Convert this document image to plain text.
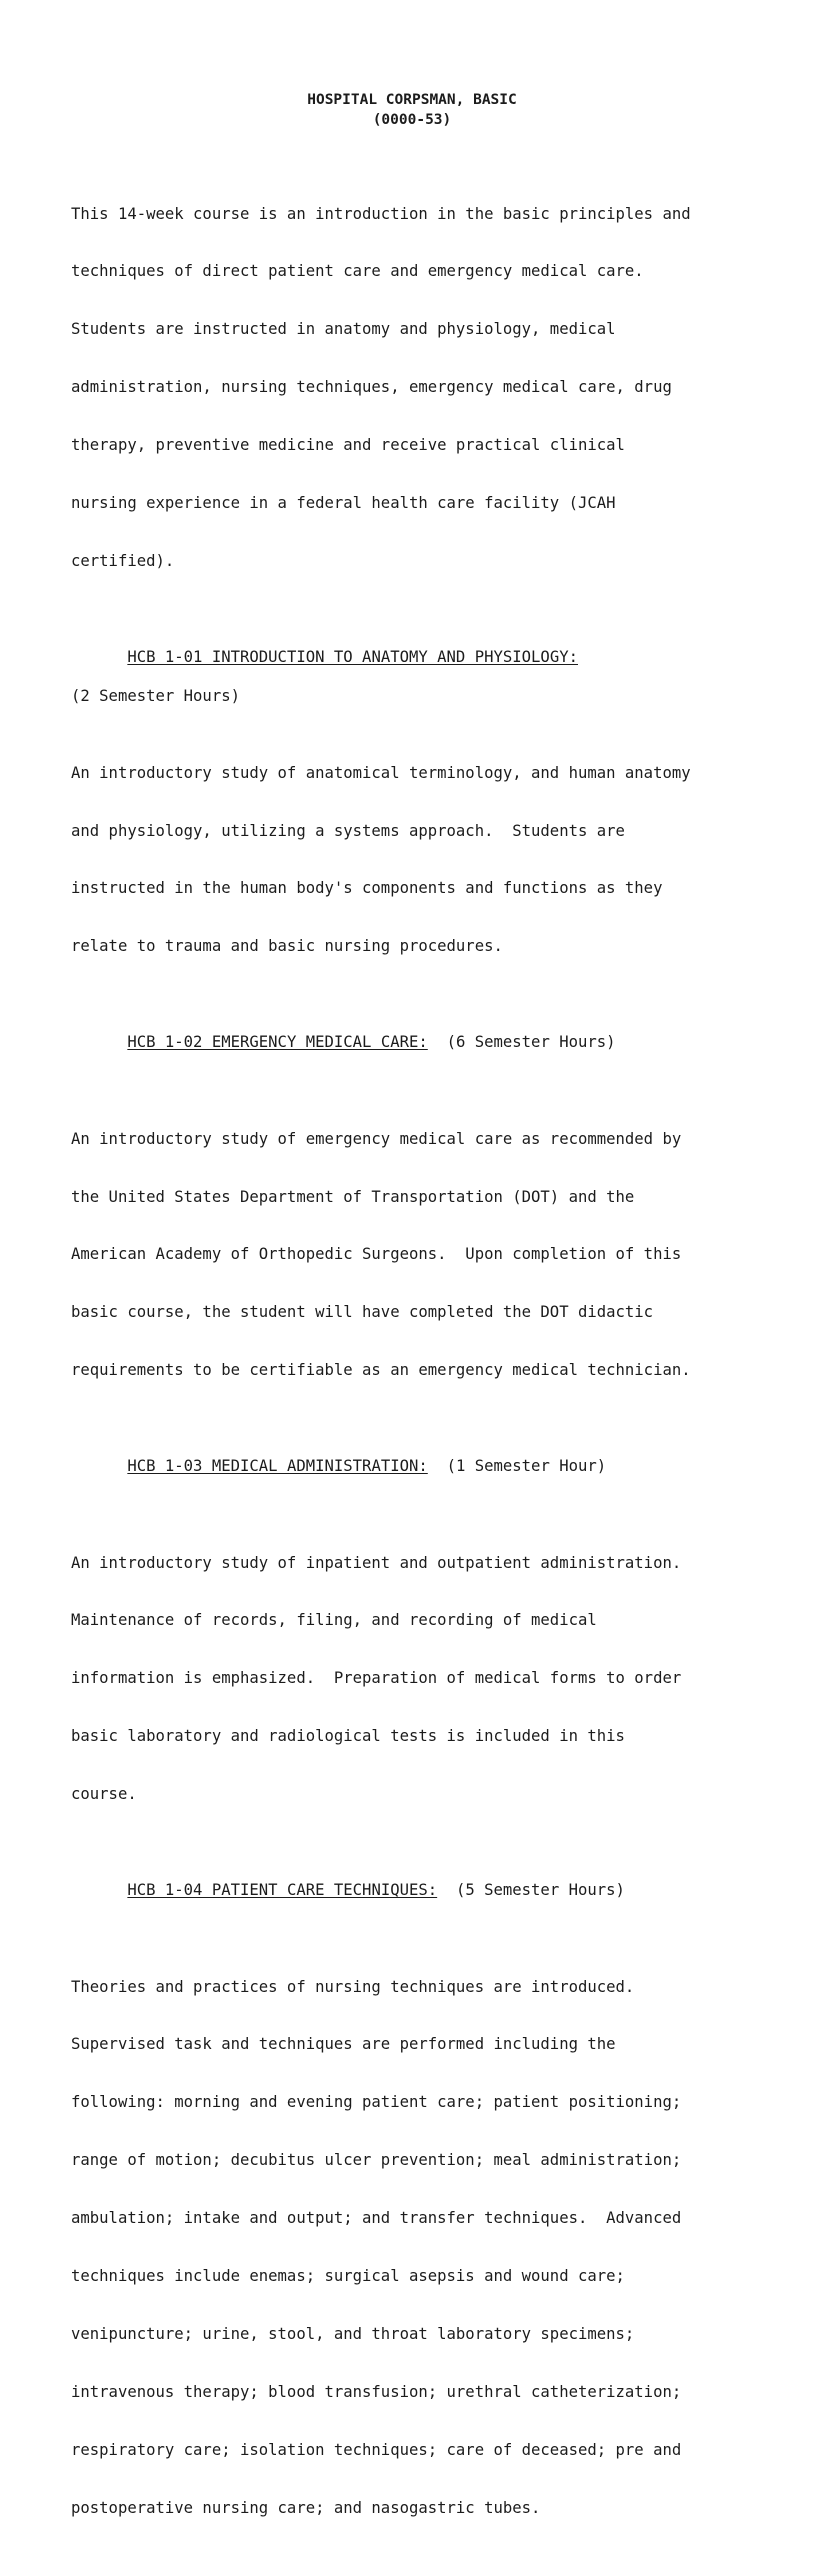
HOSPITAL CORPSMAN, BASIC
(0000-53)

This 14-week course is an introduction in the basic principles and

techniques of direct patient care and emergency medical care.

Students are instructed in anatomy and physiology, medical

administration, nursing techniques, emergency medical care, drug

therapy, preventive medicine and receive practical clinical

nursing experience in a federal health care facility (JCAH

certified).

HCB 1-01 INTRODUCTION TO ANATOMY AND PHYSIOLOGY:

(2 Semester Hours)

An introductory study of anatomical terminology, and human anatomy

and physiology, utilizing a systems approach.  Students are

instructed in the human body's components and functions as they

relate to trauma and basic nursing procedures.

HCB 1-02 EMERGENCY MEDICAL CARE: (6 Semester Hours)

An introductory study of emergency medical care as recommended by

the United States Department of Transportation (DOT) and the

American Academy of Orthopedic Surgeons.  Upon completion of this

basic course, the student will have completed the DOT didactic

requirements to be certifiable as an emergency medical technician.

HCB 1-03 MEDICAL ADMINISTRATION: (1 Semester Hour)

An introductory study of inpatient and outpatient administration.

Maintenance of records, filing, and recording of medical

information is emphasized.  Preparation of medical forms to order

basic laboratory and radiological tests is included in this

course.

HCB 1-04 PATIENT CARE TECHNIQUES: (5 Semester Hours)

Theories and practices of nursing techniques are introduced.

Supervised task and techniques are performed including the

following: morning and evening patient care; patient positioning;

range of motion; decubitus ulcer prevention; meal administration;

ambulation; intake and output; and transfer techniques.  Advanced

techniques include enemas; surgical asepsis and wound care;

venipuncture; urine, stool, and throat laboratory specimens;

intravenous therapy; blood transfusion; urethral catheterization;

respiratory care; isolation techniques; care of deceased; pre and

postoperative nursing care; and nasogastric tubes.
